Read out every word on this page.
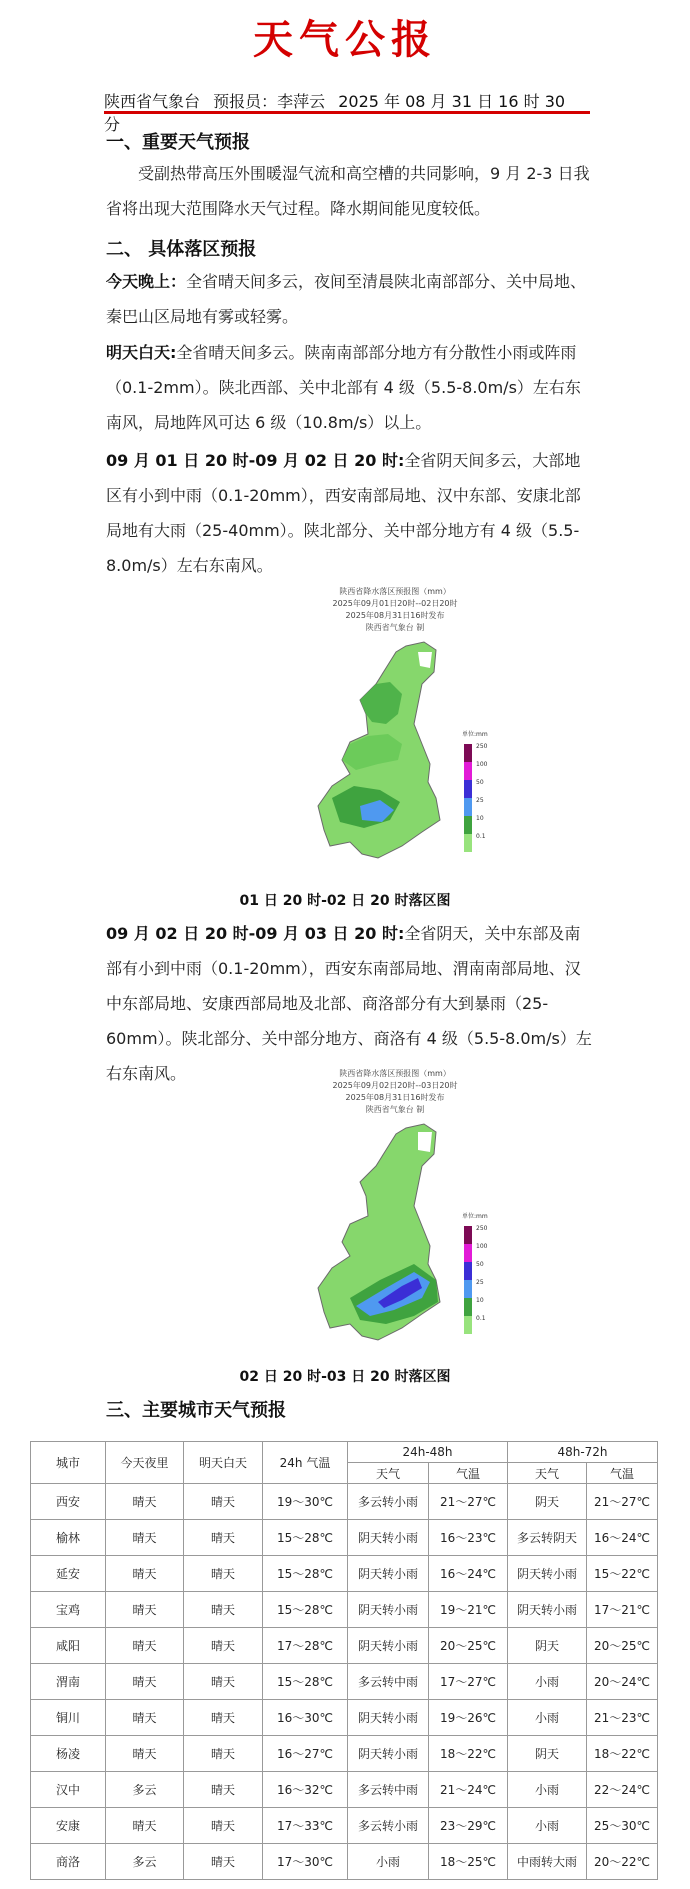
天气公报
陕西省气象台 预报员：李萍云 2025 年 08 月 31 日 16 时 30 分
一、重要天气预报
受副热带高压外围暖湿气流和高空槽的共同影响，9 月 2-3 日我省将出现大范围降水天气过程。降水期间能见度较低。
二、 具体落区预报
今天晚上：全省晴天间多云，夜间至清晨陕北南部部分、关中局地、秦巴山区局地有雾或轻雾。
明天白天:全省晴天间多云。陕南南部部分地方有分散性小雨或阵雨（0.1-2mm）。陕北西部、关中北部有 4 级（5.5-8.0m/s）左右东南风，局地阵风可达 6 级（10.8m/s）以上。
09 月 01 日 20 时-09 月 02 日 20 时:全省阴天间多云，大部地区有小到中雨（0.1-20mm），西安南部局地、汉中东部、安康北部局地有大雨（25-40mm）。陕北部分、关中部分地方有 4 级（5.5-8.0m/s）左右东南风。
陕西省降水落区预报图（mm）
2025年09月01日20时--02日20时
2025年08月31日16时发布
陕西省气象台 制
单位:mm
250
100
50
25
10
0.1
01 日 20 时-02 日 20 时落区图
09 月 02 日 20 时-09 月 03 日 20 时:全省阴天，关中东部及南部有小到中雨（0.1-20mm），西安东南部局地、渭南南部局地、汉中东部局地、安康西部局地及北部、商洛部分有大到暴雨（25-60mm）。陕北部分、关中部分地方、商洛有 4 级（5.5-8.0m/s）左右东南风。	陕西省降水落区预报图（mm）
2025年09月02日20时--03日20时
2025年08月31日16时发布
陕西省气象台 制
单位:mm
250
100
50
25
10
0.1
02 日 20 时-03 日 20 时落区图
三、主要城市天气预报
城市	今天夜里	明天白天	24h 气温	24h-48h		48h-72h	
				天气	气温	天气	气温
西安	晴天	晴天	19～30℃	多云转小雨	21～27℃	阴天	21～27℃
榆林	晴天	晴天	15～28℃	阴天转小雨	16～23℃	多云转阴天	16～24℃
延安	晴天	晴天	15～28℃	阴天转小雨	16～24℃	阴天转小雨	15～22℃
宝鸡	晴天	晴天	15～28℃	阴天转小雨	19～21℃	阴天转小雨	17～21℃
咸阳	晴天	晴天	17～28℃	阴天转小雨	20～25℃	阴天	20～25℃
渭南	晴天	晴天	15～28℃	多云转中雨	17～27℃	小雨	20～24℃
铜川	晴天	晴天	16～30℃	阴天转小雨	19～26℃	小雨	21～23℃
杨凌	晴天	晴天	16～27℃	阴天转小雨	18～22℃	阴天	18～22℃
汉中	多云	晴天	16～32℃	多云转中雨	21～24℃	小雨	22～24℃
安康	晴天	晴天	17～33℃	多云转小雨	23～29℃	小雨	25～30℃
商洛	多云	晴天	17～30℃	小雨	18～25℃	中雨转大雨	20～22℃
